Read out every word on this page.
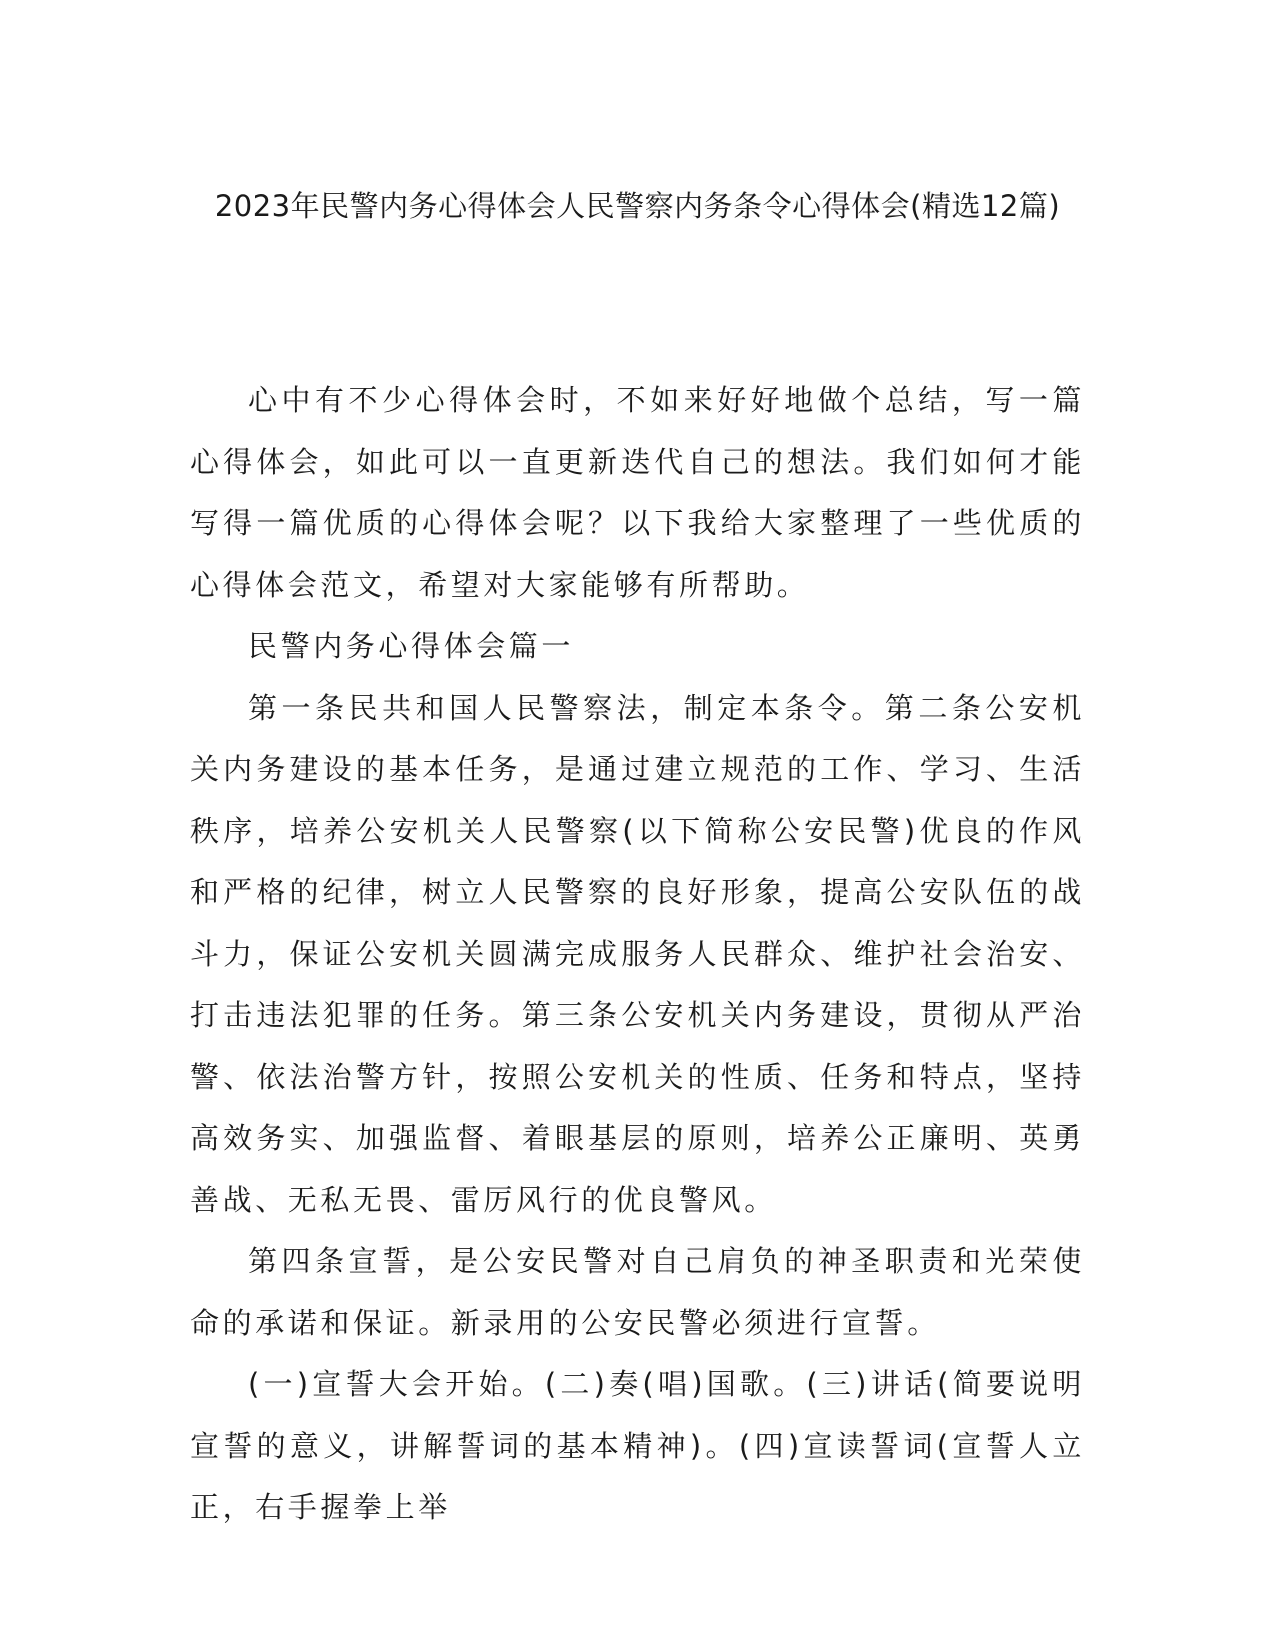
2023年民警内务心得体会人民警察内务条令心得体会(精选12篇)

心中有不少心得体会时，不如来好好地做个总结，写一篇心得体会，如此可以一直更新迭代自己的想法。我们如何才能写得一篇优质的心得体会呢？以下我给大家整理了一些优质的心得体会范文，希望对大家能够有所帮助。

民警内务心得体会篇一

第一条民共和国人民警察法，制定本条令。第二条公安机关内务建设的基本任务，是通过建立规范的工作、学习、生活秩序，培养公安机关人民警察(以下简称公安民警)优良的作风和严格的纪律，树立人民警察的良好形象，提高公安队伍的战斗力，保证公安机关圆满完成服务人民群众、维护社会治安、打击违法犯罪的任务。第三条公安机关内务建设，贯彻从严治警、依法治警方针，按照公安机关的性质、任务和特点，坚持高效务实、加强监督、着眼基层的原则，培养公正廉明、英勇善战、无私无畏、雷厉风行的优良警风。

第四条宣誓，是公安民警对自己肩负的神圣职责和光荣使命的承诺和保证。新录用的公安民警必须进行宣誓。

(一)宣誓大会开始。(二)奏(唱)国歌。(三)讲话(简要说明宣誓的意义，讲解誓词的基本精神)。(四)宣读誓词(宣誓人立正，右手握拳上举
